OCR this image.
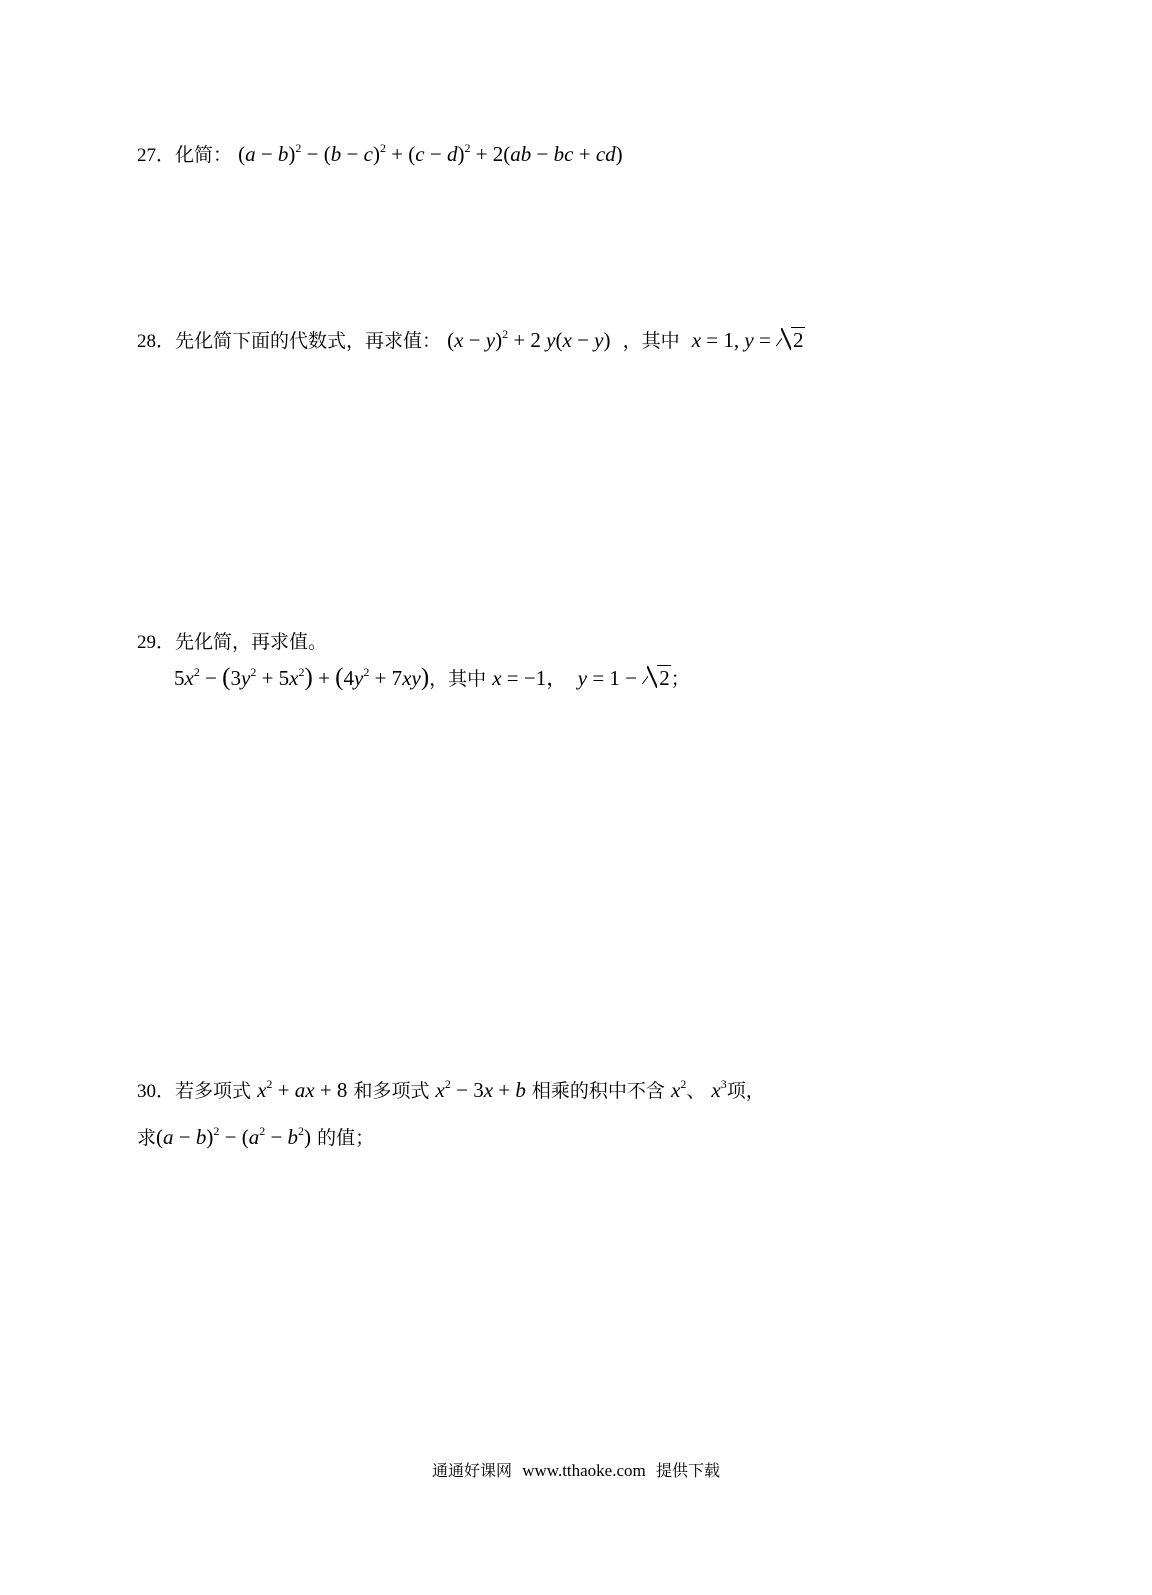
27．化简： $(a - b)^2 - (b - c)^2 + (c - d)^2 + 2(ab$ − bc + cd)
28．先化简下面的代数式，再求值： $(x - y)^2 + 2$ y(x − y) ，其中 x = 1, y = 2
29．先化简，再求值。
$5x^2 - (3y^2 + 5x^2) + (4y^2 + 7xy)$，其中 x = −1，  y = 1 − 2；
30．若多项式 $x^2$ + ax + 8 和多项式 $x^2 - 3x + b$ 相乘的积中不含 $x^2$、 $x^3$项，
求$(a - b)^2 - (a^2 - b^2)$ 的值；
通通好课网 www.tthaoke.com 提供下载
